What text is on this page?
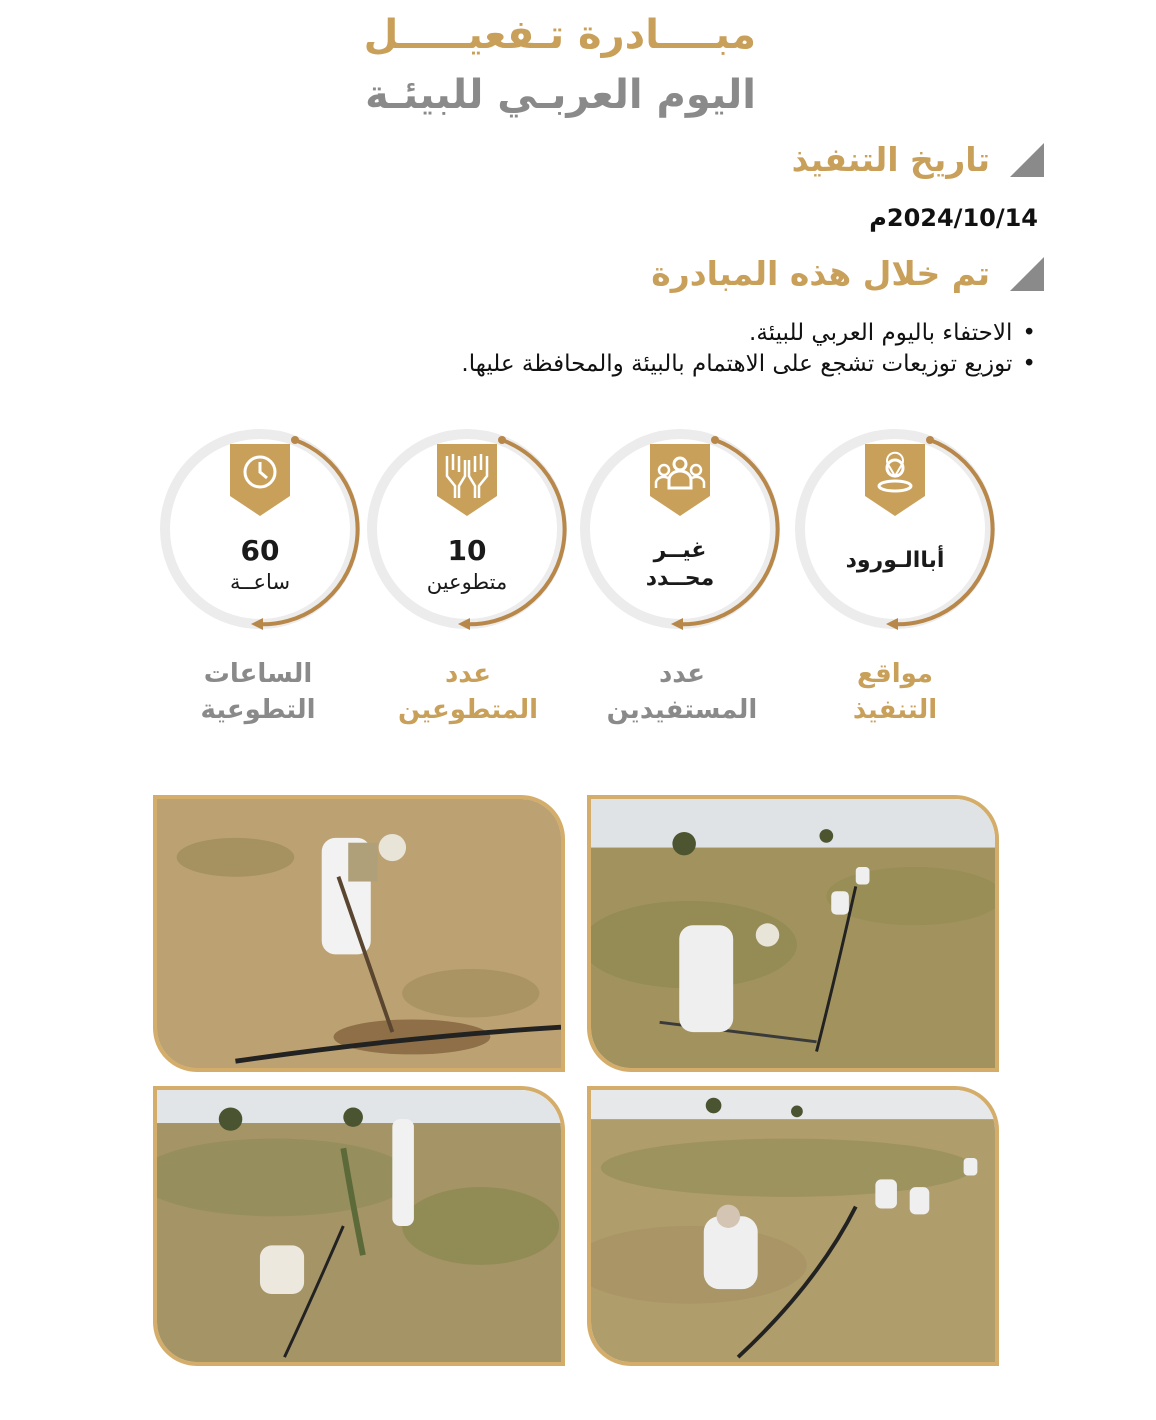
مبــــادرة تـفعيـــــل
اليوم العربـي للبيئـة
تاريخ التنفيذ
2024/10/14م
تم خلال هذه المبادرة
• الاحتفاء باليوم العربي للبيئة.
• توزيع توزيعات تشجع على الاهتمام بالبيئة والمحافظة عليها.
أباالـورود
غيــر
محــدد
10
متطوعين
60
ساعــة
مواقع
التنفيذ
عدد
المستفيدين
عدد
المتطوعين
الساعات
التطوعية
